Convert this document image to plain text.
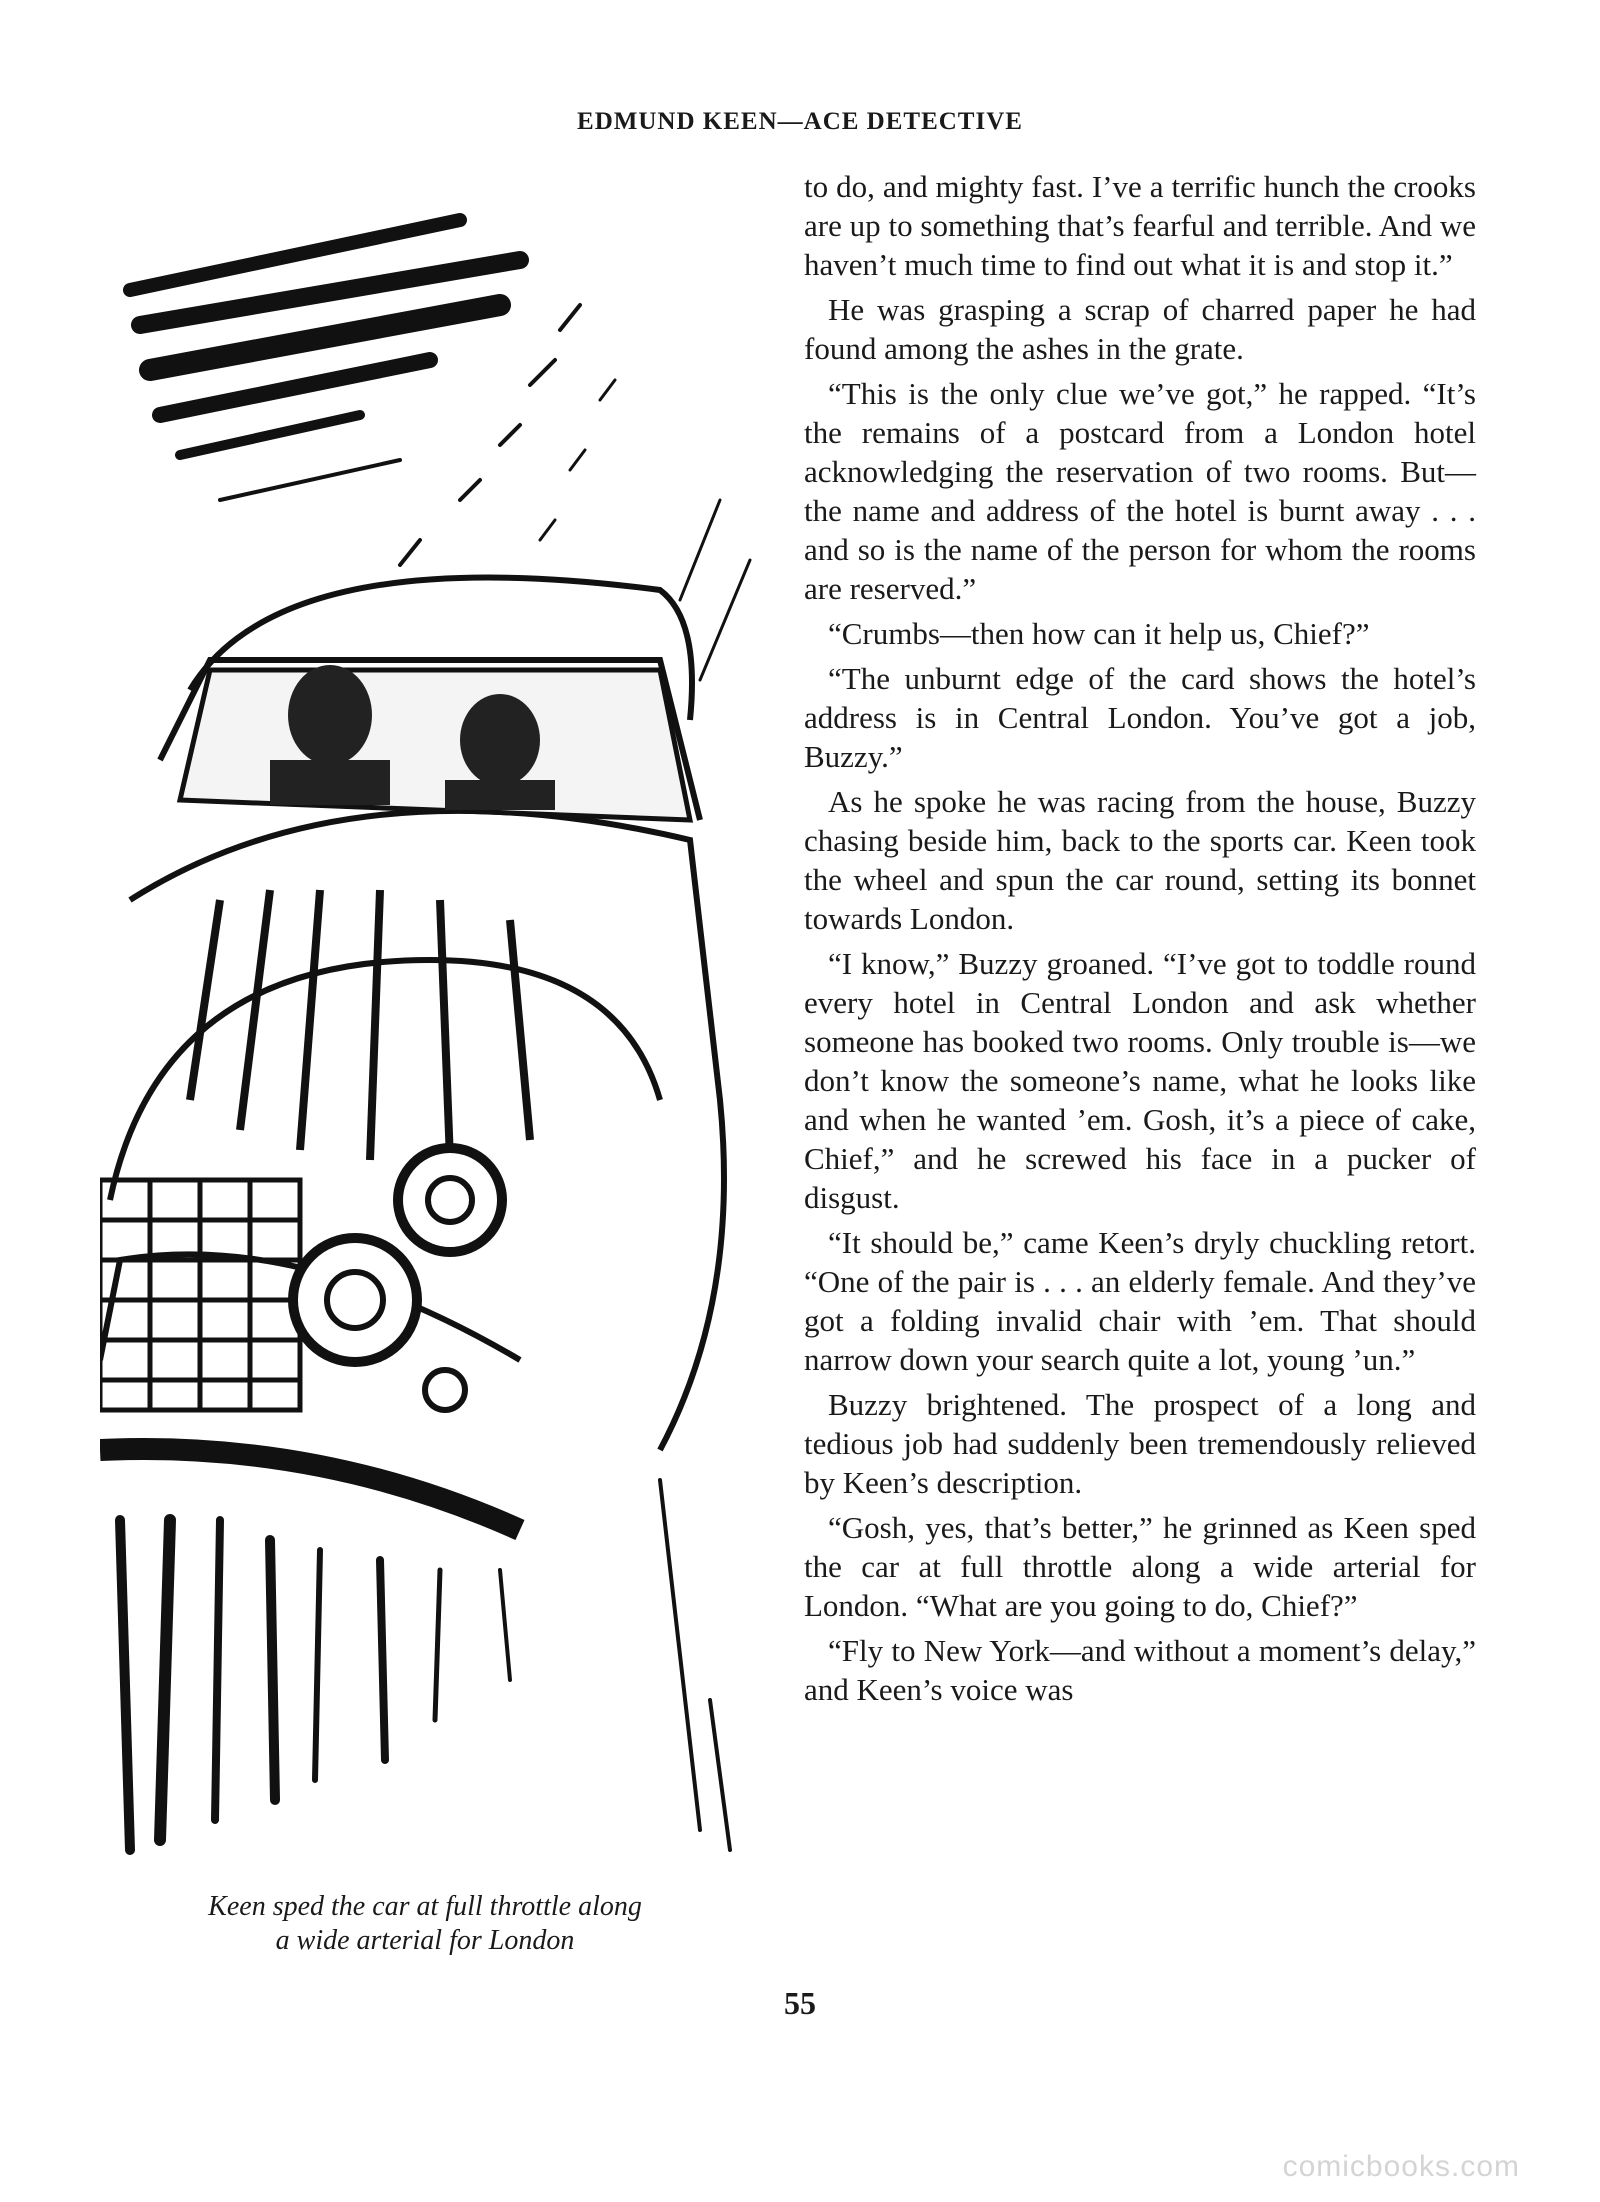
EDMUND KEEN—ACE DETECTIVE
Keen sped the car at full throttle along
a wide arterial for London

to do, and mighty fast. I’ve a terrific hunch the crooks are up to something that’s fearful and terrible. And we haven’t much time to find out what it is and stop it.”

He was grasping a scrap of charred paper he had found among the ashes in the grate.

“This is the only clue we’ve got,” he rapped. “It’s the remains of a postcard from a London hotel acknowledging the reservation of two rooms. But—the name and address of the hotel is burnt away . . . and so is the name of the person for whom the rooms are reserved.”

“Crumbs—then how can it help us, Chief?”

“The unburnt edge of the card shows the hotel’s address is in Central London. You’ve got a job, Buzzy.”

As he spoke he was racing from the house, Buzzy chasing beside him, back to the sports car. Keen took the wheel and spun the car round, setting its bonnet towards London.

“I know,” Buzzy groaned. “I’ve got to toddle round every hotel in Central London and ask whether someone has booked two rooms. Only trouble is—we don’t know the someone’s name, what he looks like and when he wanted ’em. Gosh, it’s a piece of cake, Chief,” and he screwed his face in a pucker of disgust.

“It should be,” came Keen’s dryly chuckling retort. “One of the pair is . . . an elderly female. And they’ve got a folding invalid chair with ’em. That should narrow down your search quite a lot, young ’un.”

Buzzy brightened. The prospect of a long and tedious job had suddenly been tremendously relieved by Keen’s description.

“Gosh, yes, that’s better,” he grinned as Keen sped the car at full throttle along a wide arterial for London. “What are you going to do, Chief?”

“Fly to New York—and without a moment’s delay,” and Keen’s voice was

55
comicbooks.com
